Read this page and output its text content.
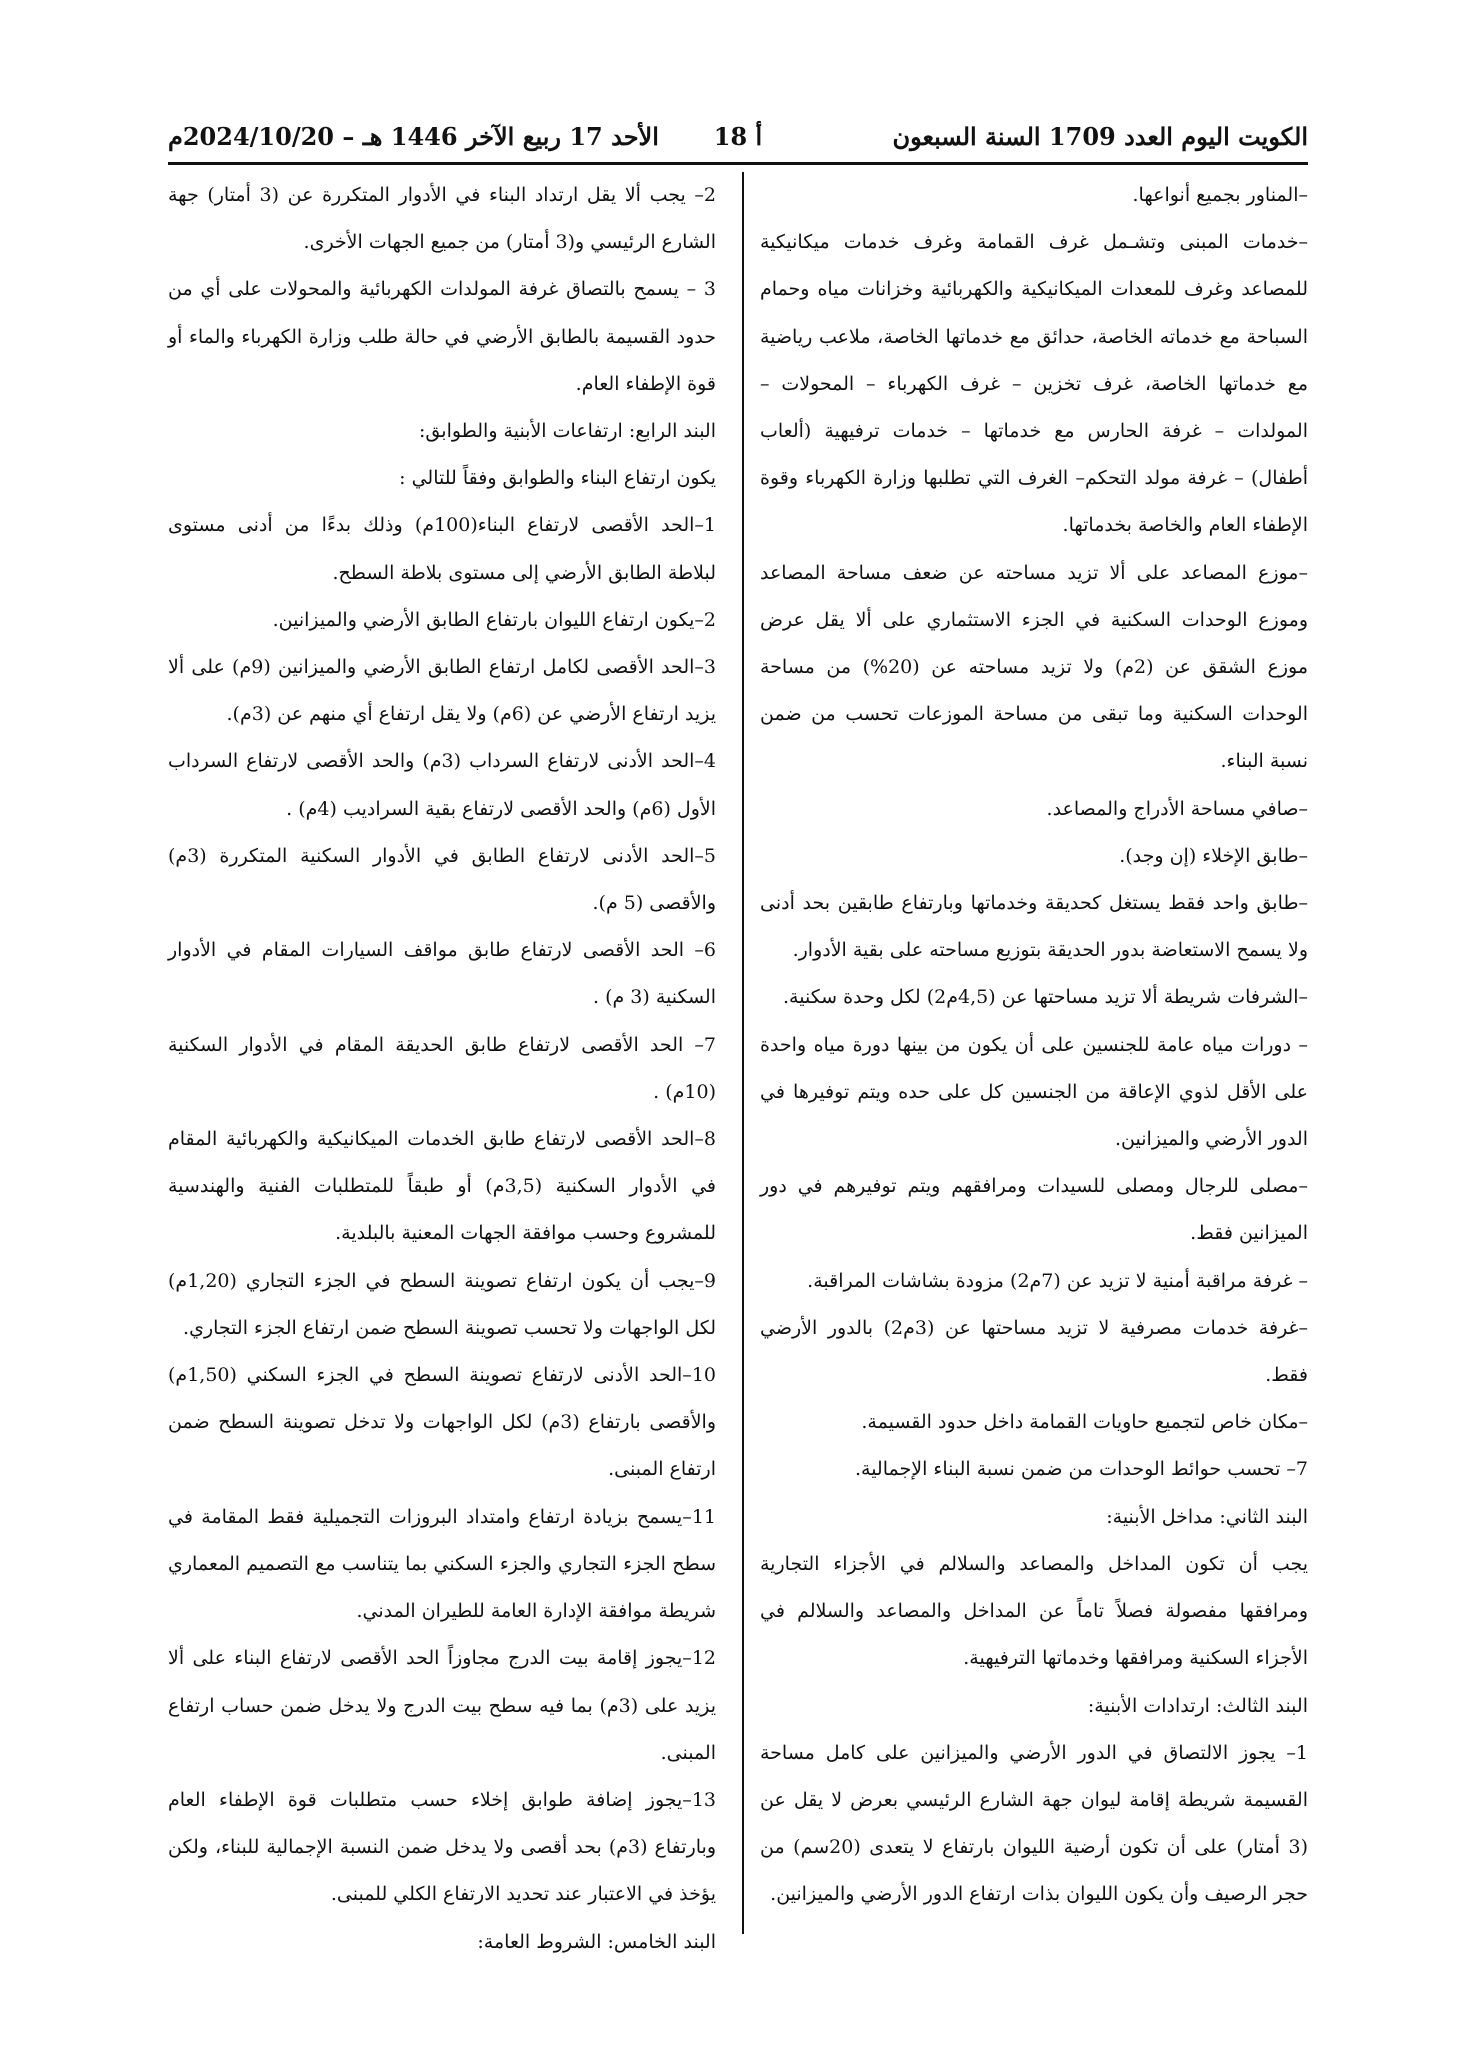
الكويت اليوم العدد 1709 السنة السبعون
أ 18
الأحد 17 ربيع الآخر 1446 هـ – 2024/10/20م

–المناور بجميع أنواعها.

–خدمات المبنى وتشـمل غرف القمامة وغرف خدمات ميكانيكية للمصاعد وغرف للمعدات الميكانيكية والكهربائية وخزانات مياه وحمام السباحة مع خدماته الخاصة، حدائق مع خدماتها الخاصة، ملاعب رياضية مع خدماتها الخاصة، غرف تخزين – غرف الكهرباء – المحولات –المولدات – غرفة الحارس مع خدماتها – خدمات ترفيهية (ألعاب أطفال) – غرفة مولد التحكم– الغرف التي تطلبها وزارة الكهرباء وقوة الإطفاء العام والخاصة بخدماتها.

–موزع المصاعد على ألا تزيد مساحته عن ضعف مساحة المصاعد وموزع الوحدات السكنية في الجزء الاستثماري على ألا يقل عرض موزع الشقق عن (2م) ولا تزيد مساحته عن (20%) من مساحة الوحدات السكنية وما تبقى من مساحة الموزعات تحسب من ضمن نسبة البناء.

–صافي مساحة الأدراج والمصاعد.

–طابق الإخلاء (إن وجد).

–طابق واحد فقط يستغل كحديقة وخدماتها وبارتفاع طابقين بحد أدنى ولا يسمح الاستعاضة بدور الحديقة بتوزيع مساحته على بقية الأدوار.

–الشرفات شريطة ألا تزيد مساحتها عن (4,5م2) لكل وحدة سكنية.

– دورات مياه عامة للجنسين على أن يكون من بينها دورة مياه واحدة على الأقل لذوي الإعاقة من الجنسين كل على حده ويتم توفيرها في الدور الأرضي والميزانين.

–مصلى للرجال ومصلى للسيدات ومرافقهم ويتم توفيرهم في دور الميزانين فقط.

– غرفة مراقبة أمنية لا تزيد عن (7م2) مزودة بشاشات المراقبة.

–غرفة خدمات مصرفية لا تزيد مساحتها عن (3م2) بالدور الأرضي فقط.

–مكان خاص لتجميع حاويات القمامة داخل حدود القسيمة.

7– تحسب حوائط الوحدات من ضمن نسبة البناء الإجمالية.

البند الثاني: مداخل الأبنية:

يجب أن تكون المداخل والمصاعد والسلالم في الأجزاء التجارية ومرافقها مفصولة فصلاً تاماً عن المداخل والمصاعد والسلالم في الأجزاء السكنية ومرافقها وخدماتها الترفيهية.

البند الثالث: ارتدادات الأبنية:

1– يجوز الالتصاق في الدور الأرضي والميزانين على كامل مساحة القسيمة شريطة إقامة ليوان جهة الشارع الرئيسي بعرض لا يقل عن (3 أمتار) على أن تكون أرضية الليوان بارتفاع لا يتعدى (20سم) من حجر الرصيف وأن يكون الليوان بذات ارتفاع الدور الأرضي والميزانين.

2– يجب ألا يقل ارتداد البناء في الأدوار المتكررة عن (3 أمتار) جهة الشارع الرئيسي و(3 أمتار) من جميع الجهات الأخرى.

3 – يسمح بالتصاق غرفة المولدات الكهربائية والمحولات على أي من حدود القسيمة بالطابق الأرضي في حالة طلب وزارة الكهرباء والماء أو قوة الإطفاء العام.

البند الرابع: ارتفاعات الأبنية والطوابق:

يكون ارتفاع البناء والطوابق وفقاً للتالي :

1–الحد الأقصى لارتفاع البناء(100م) وذلك بدءًا من أدنى مستوى لبلاطة الطابق الأرضي إلى مستوى بلاطة السطح.

2–يكون ارتفاع الليوان بارتفاع الطابق الأرضي والميزانين.

3–الحد الأقصى لكامل ارتفاع الطابق الأرضي والميزانين (9م) على ألا يزيد ارتفاع الأرضي عن (6م) ولا يقل ارتفاع أي منهم عن (3م).

4–الحد الأدنى لارتفاع السرداب (3م) والحد الأقصى لارتفاع السرداب الأول (6م) والحد الأقصى لارتفاع بقية السراديب (4م) .

5–الحد الأدنى لارتفاع الطابق في الأدوار السكنية المتكررة (3م) والأقصى (5 م).

6– الحد الأقصى لارتفاع طابق مواقف السيارات المقام في الأدوار السكنية (3 م) .

7– الحد الأقصى لارتفاع طابق الحديقة المقام في الأدوار السكنية (10م) .

8–الحد الأقصى لارتفاع طابق الخدمات الميكانيكية والكهربائية المقام في الأدوار السكنية (3,5م) أو طبقاً للمتطلبات الفنية والهندسية للمشروع وحسب موافقة الجهات المعنية بالبلدية.

9–يجب أن يكون ارتفاع تصوينة السطح في الجزء التجاري (1,20م) لكل الواجهات ولا تحسب تصوينة السطح ضمن ارتفاع الجزء التجاري.

10–الحد الأدنى لارتفاع تصوينة السطح في الجزء السكني (1,50م) والأقصى بارتفاع (3م) لكل الواجهات ولا تدخل تصوينة السطح ضمن ارتفاع المبنى.

11–يسمح بزيادة ارتفاع وامتداد البروزات التجميلية فقط المقامة في سطح الجزء التجاري والجزء السكني بما يتناسب مع التصميم المعماري شريطة موافقة الإدارة العامة للطيران المدني.

12–يجوز إقامة بيت الدرج مجاوزاً الحد الأقصى لارتفاع البناء على ألا يزيد على (3م) بما فيه سطح بيت الدرج ولا يدخل ضمن حساب ارتفاع المبنى.

13–يجوز إضافة طوابق إخلاء حسب متطلبات قوة الإطفاء العام وبارتفاع (3م) بحد أقصى ولا يدخل ضمن النسبة الإجمالية للبناء، ولكن يؤخذ في الاعتبار عند تحديد الارتفاع الكلي للمبنى.

البند الخامس: الشروط العامة:
